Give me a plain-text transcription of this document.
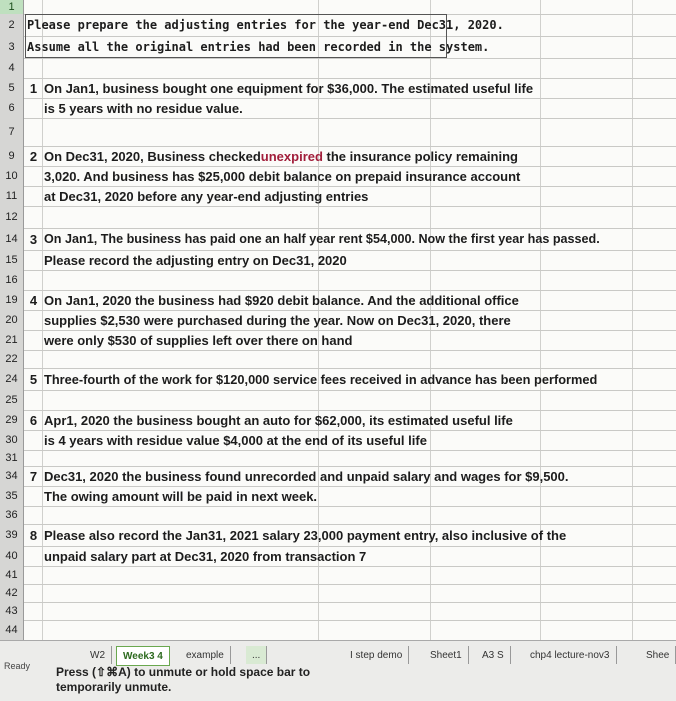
1
2	Please prepare the adjusting entries for the year-end Dec31, 2020.
3	Assume all the original entries had been recorded in the system.
4
5	1 On Jan1, business bought one equipment for $36,000. The estimated useful life
6	is 5 years with no residue value.
7
9	2 On Dec31, 2020, Business checked unexpired the insurance policy remaining
10	3,020. And business has $25,000 debit balance on prepaid insurance account
11	at Dec31, 2020 before any year-end adjusting entries
12
14 3 On Jan1, The business has paid one an half year rent $54,000. Now the first year has passed.
15	Please record the adjusting entry on Dec31, 2020
16
19 4 On Jan1, 2020 the business had $920 debit balance. And the additional office
20	supplies $2,530 were purchased during the year. Now on Dec31, 2020, there
21	were only $530 of supplies left over there on hand
22
24 5 Three-fourth of the work for $120,000 service fees received in advance has been performed
25
29 6 Apr1, 2020 the business bought an auto for $62,000, its estimated useful life
30	is 4 years with residue value $4,000 at the end of its useful life
31
34 7 Dec31, 2020 the business found unrecorded and unpaid salary and wages for $9,500.
35	The owing amount will be paid in next week.
36
39 8 Please also record the Jan31, 2021 salary 23,000 payment entry, also inclusive of the
40	unpaid salary part at Dec31, 2020 from transaction 7
41
42
43
44
Ready
W2	Week3 4	example	...	I step demo	Sheet1	A3 S	chp4 lecture-nov3	Shee
Press (⇧⌘A) to unmute or hold space bar to temporarily unmute.
